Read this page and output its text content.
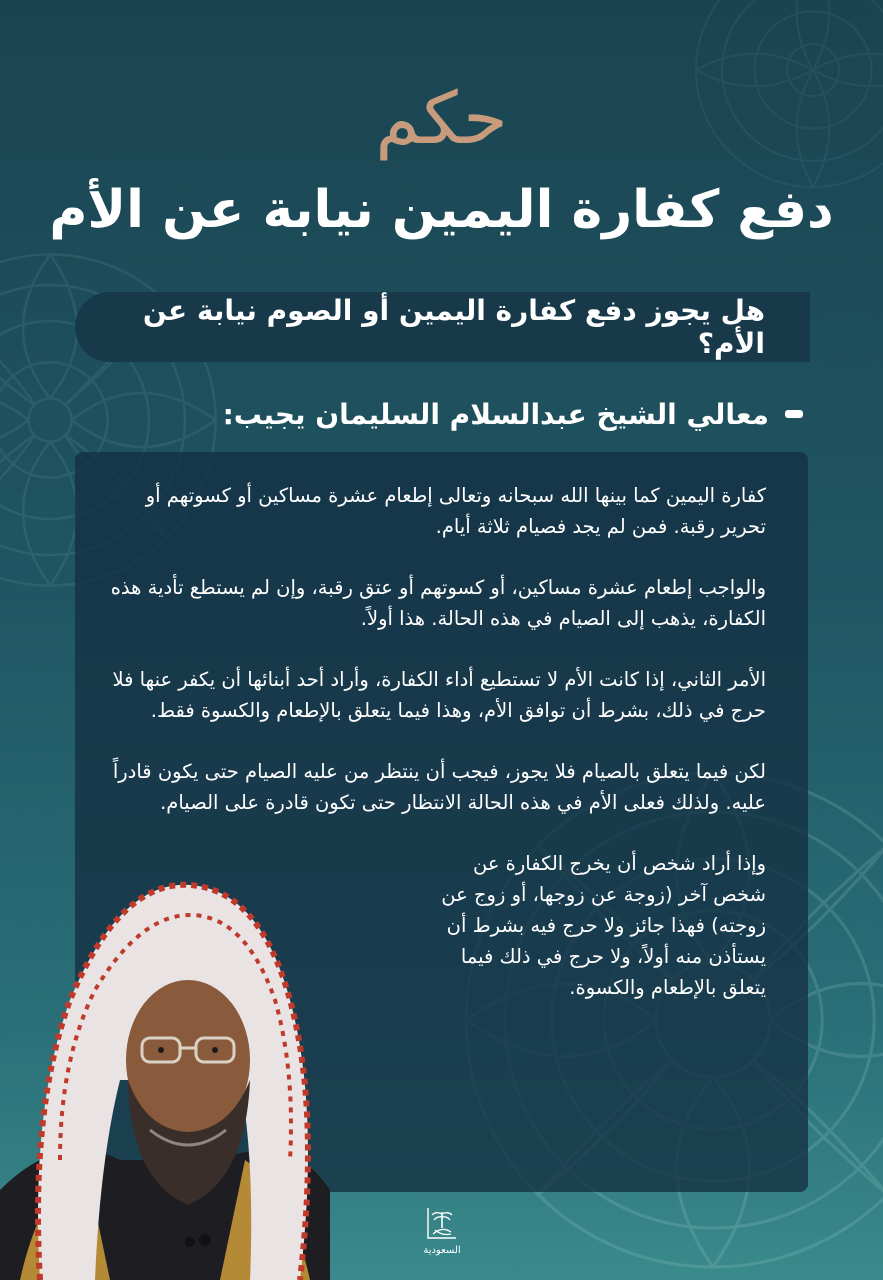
حكم
دفع كفارة اليمين نيابة عن الأم
هل يجوز دفع كفارة اليمين أو الصوم نيابة عن الأم؟
معالي الشيخ عبدالسلام السليمان يجيب:

كفارة اليمين كما بينها الله سبحانه وتعالى إطعام عشرة مساكين أو كسوتهم أو تحرير رقبة. فمن لم يجد فصيام ثلاثة أيام.

والواجب إطعام عشرة مساكين، أو كسوتهم أو عتق رقبة، وإن لم يستطع تأدية هذه الكفارة، يذهب إلى الصيام في هذه الحالة. هذا أولاً.

الأمر الثاني، إذا كانت الأم لا تستطيع أداء الكفارة، وأراد أحد أبنائها أن يكفر عنها فلا حرج في ذلك، بشرط أن توافق الأم، وهذا فيما يتعلق بالإطعام والكسوة فقط.

لكن فيما يتعلق بالصيام فلا يجوز، فيجب أن ينتظر من عليه الصيام حتى يكون قادراً عليه. ولذلك فعلى الأم في هذه الحالة الانتظار حتى تكون قادرة على الصيام.

وإذا أراد شخص أن يخرج الكفارة عن شخص آخر (زوجة عن زوجها، أو زوج عن زوجته) فهذا جائز ولا حرج فيه بشرط أن يستأذن منه أولاً، ولا حرج في ذلك فيما يتعلق بالإطعام والكسوة.

السعودية
